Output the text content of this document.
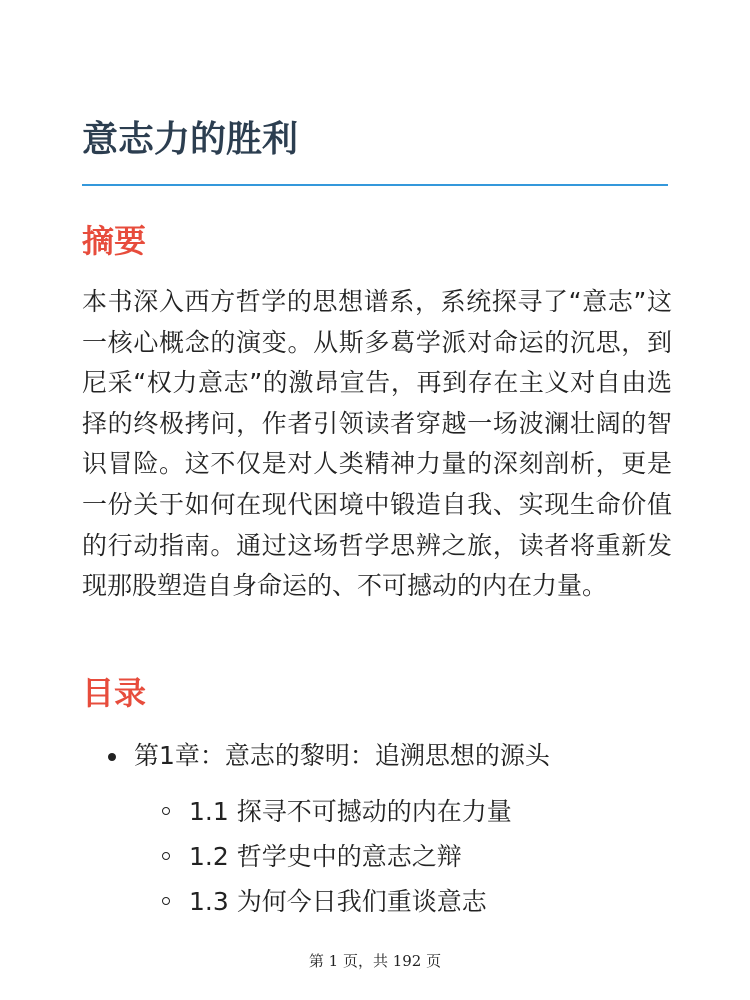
意志力的胜利
摘要

本书深入西方哲学的思想谱系，系统探寻了“意志”这一核心概念的演变。从斯多葛学派对命运的沉思，到尼采“权力意志”的激昂宣告，再到存在主义对自由选择的终极拷问，作者引领读者穿越一场波澜壮阔的智识冒险。这不仅是对人类精神力量的深刻剖析，更是一份关于如何在现代困境中锻造自我、实现生命价值的行动指南。通过这场哲学思辨之旅，读者将重新发现那股塑造自身命运的、不可撼动的内在力量。

目录
第1章：意志的黎明：追溯思想的源头
1.1 探寻不可撼动的内在力量
1.2 哲学史中的意志之辩
1.3 为何今日我们重谈意志
第 1 页，共 192 页
